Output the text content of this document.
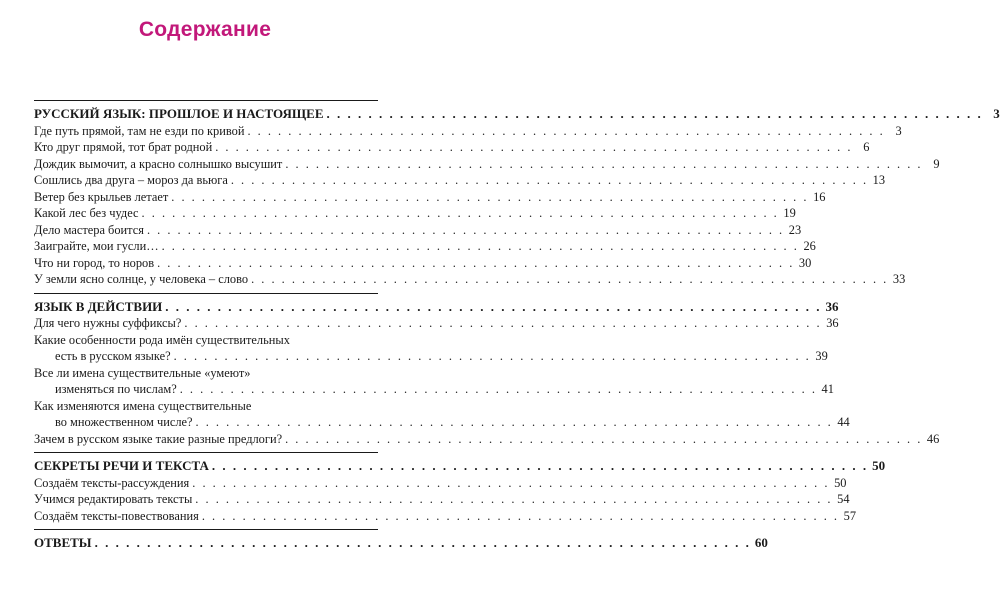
Содержание
РУССКИЙ ЯЗЫК: ПРОШЛОЕ И НАСТОЯЩЕЕ . . . . . . . . . . . . . . . . . . . . . . . . . . . . . . . . . . . . . . . . . . . . . . . . . . . . . . . . . . . . . . . 3
Где путь прямой, там не езди по кривой . . . . . . . . . . . . . . . . . . . . . . . . . . . . . . . . . . . . . . . . . . . . . . . . . . . . . . . . . . . . . . . 3
Кто друг прямой, тот брат родной . . . . . . . . . . . . . . . . . . . . . . . . . . . . . . . . . . . . . . . . . . . . . . . . . . . . . . . . . . . . . . . 6
Дождик вымочит, а красно солнышко высушит . . . . . . . . . . . . . . . . . . . . . . . . . . . . . . . . . . . . . . . . . . . . . . . . . . . . . . . . . . . . . . . 9
Сошлись два друга – мороз да вьюга . . . . . . . . . . . . . . . . . . . . . . . . . . . . . . . . . . . . . . . . . . . . . . . . . . . . . . . . . . . . . . . 13
Ветер без крыльев летает . . . . . . . . . . . . . . . . . . . . . . . . . . . . . . . . . . . . . . . . . . . . . . . . . . . . . . . . . . . . . . . 16
Какой лес без чудес . . . . . . . . . . . . . . . . . . . . . . . . . . . . . . . . . . . . . . . . . . . . . . . . . . . . . . . . . . . . . . . 19
Дело мастера боится . . . . . . . . . . . . . . . . . . . . . . . . . . . . . . . . . . . . . . . . . . . . . . . . . . . . . . . . . . . . . . . 23
Заиграйте, мои гусли… . . . . . . . . . . . . . . . . . . . . . . . . . . . . . . . . . . . . . . . . . . . . . . . . . . . . . . . . . . . . . . . 26
Что ни город, то норов . . . . . . . . . . . . . . . . . . . . . . . . . . . . . . . . . . . . . . . . . . . . . . . . . . . . . . . . . . . . . . . 30
У земли ясно солнце, у человека – слово . . . . . . . . . . . . . . . . . . . . . . . . . . . . . . . . . . . . . . . . . . . . . . . . . . . . . . . . . . . . . . . 33
ЯЗЫК В ДЕЙСТВИИ . . . . . . . . . . . . . . . . . . . . . . . . . . . . . . . . . . . . . . . . . . . . . . . . . . . . . . . . . . . . . . . 36
Для чего нужны суффиксы? . . . . . . . . . . . . . . . . . . . . . . . . . . . . . . . . . . . . . . . . . . . . . . . . . . . . . . . . . . . . . . . 36
Какие особенности рода имён существительных
есть в русском языке? . . . . . . . . . . . . . . . . . . . . . . . . . . . . . . . . . . . . . . . . . . . . . . . . . . . . . . . . . . . . . . . 39
Все ли имена существительные «умеют»
изменяться по числам? . . . . . . . . . . . . . . . . . . . . . . . . . . . . . . . . . . . . . . . . . . . . . . . . . . . . . . . . . . . . . . . 41
Как изменяются имена существительные
во множественном числе? . . . . . . . . . . . . . . . . . . . . . . . . . . . . . . . . . . . . . . . . . . . . . . . . . . . . . . . . . . . . . . . 44
Зачем в русском языке такие разные предлоги? . . . . . . . . . . . . . . . . . . . . . . . . . . . . . . . . . . . . . . . . . . . . . . . . . . . . . . . . . . . . . . . 46
СЕКРЕТЫ РЕЧИ И ТЕКСТА . . . . . . . . . . . . . . . . . . . . . . . . . . . . . . . . . . . . . . . . . . . . . . . . . . . . . . . . . . . . . . . 50
Создаём тексты-рассуждения . . . . . . . . . . . . . . . . . . . . . . . . . . . . . . . . . . . . . . . . . . . . . . . . . . . . . . . . . . . . . . . 50
Учимся редактировать тексты . . . . . . . . . . . . . . . . . . . . . . . . . . . . . . . . . . . . . . . . . . . . . . . . . . . . . . . . . . . . . . . 54
Создаём тексты-повествования . . . . . . . . . . . . . . . . . . . . . . . . . . . . . . . . . . . . . . . . . . . . . . . . . . . . . . . . . . . . . . . 57
ОТВЕТЫ . . . . . . . . . . . . . . . . . . . . . . . . . . . . . . . . . . . . . . . . . . . . . . . . . . . . . . . . . . . . . . . 60
